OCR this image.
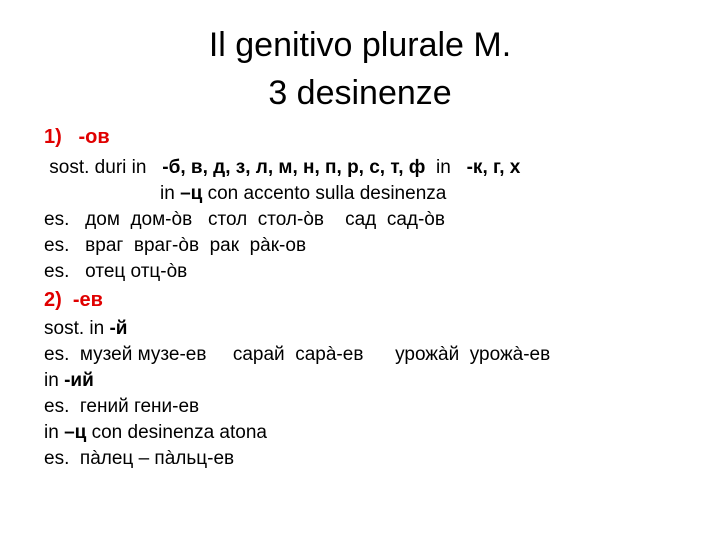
Il genitivo plurale M.
3 desinenze
1)   -ов
sost. duri in   -б, в, д, з, л, м, н, п, р, с, т, ф  in   -к, г, х
in –ц con accento sulla desinenza
es.   дом  дом-òв   стол  стол-òв    сад  сад-òв
es.   враг  враг-òв  рак  рàк-ов
es.   отец отц-òв
2)  -ев
sost. in -й
es.  музей музе-ев     сарай  сарà-ев      урожàй  урожà-ев
in -ий
es.  гений гени-ев
in –ц con desinenza atona
es.  пàлец – пàльц-ев
